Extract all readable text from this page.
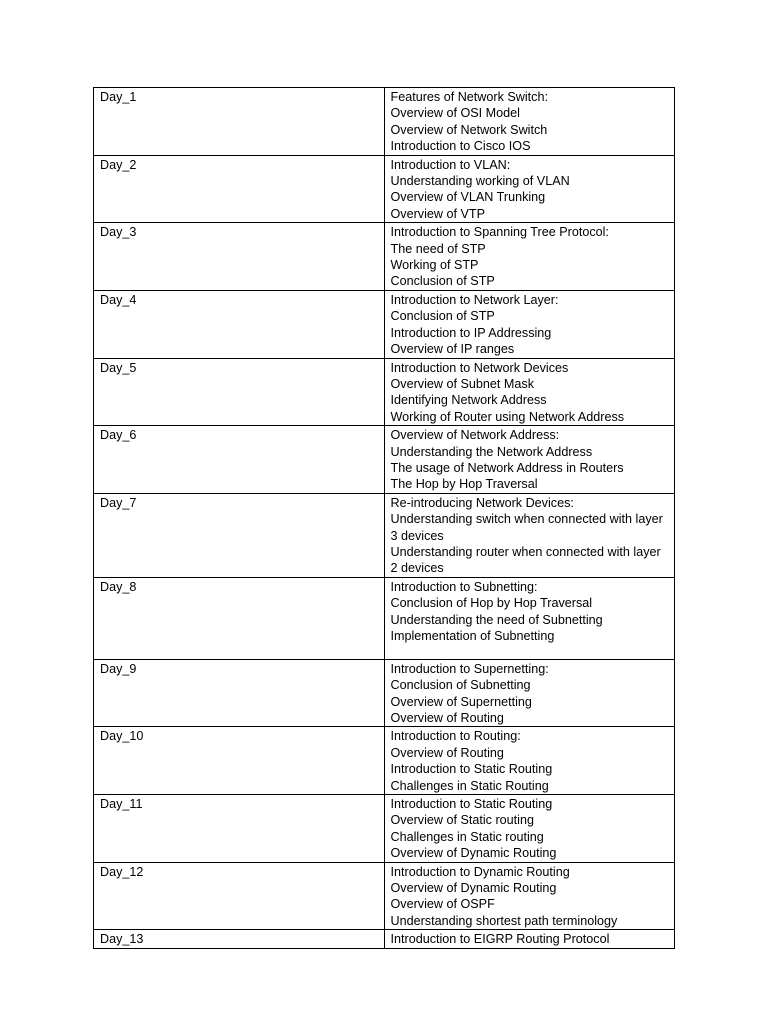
Day_1	Features of Network Switch:
Overview of OSI Model
Overview of Network Switch
Introduction to Cisco IOS

Day_2	Introduction to VLAN:
Understanding working of VLAN
Overview of VLAN Trunking
Overview of VTP

Day_3	Introduction to Spanning Tree Protocol:
The need of STP
Working of STP
Conclusion of STP

Day_4	Introduction to Network Layer:
Conclusion of STP
Introduction to IP Addressing
Overview of IP ranges

Day_5	Introduction to Network Devices
Overview of Subnet Mask
Identifying Network Address
Working of Router using Network Address

Day_6	Overview of Network Address:
Understanding the Network Address
The usage of Network Address in Routers
The Hop by Hop Traversal

Day_7	Re-introducing Network Devices:
Understanding switch when connected with layer 3 devices
Understanding router when connected with layer 2 devices

Day_8	Introduction to Subnetting:
Conclusion of Hop by Hop Traversal
Understanding the need of Subnetting
Implementation of Subnetting

Day_9	Introduction to Supernetting:
Conclusion of Subnetting
Overview of Supernetting
Overview of Routing

Day_10	Introduction to Routing:
Overview of Routing
Introduction to Static Routing
Challenges in Static Routing

Day_11	Introduction to Static Routing
Overview of Static routing
Challenges in Static routing
Overview of Dynamic Routing

Day_12	Introduction to Dynamic Routing
Overview of Dynamic Routing
Overview of OSPF
Understanding shortest path terminology

Day_13	Introduction to EIGRP Routing Protocol
